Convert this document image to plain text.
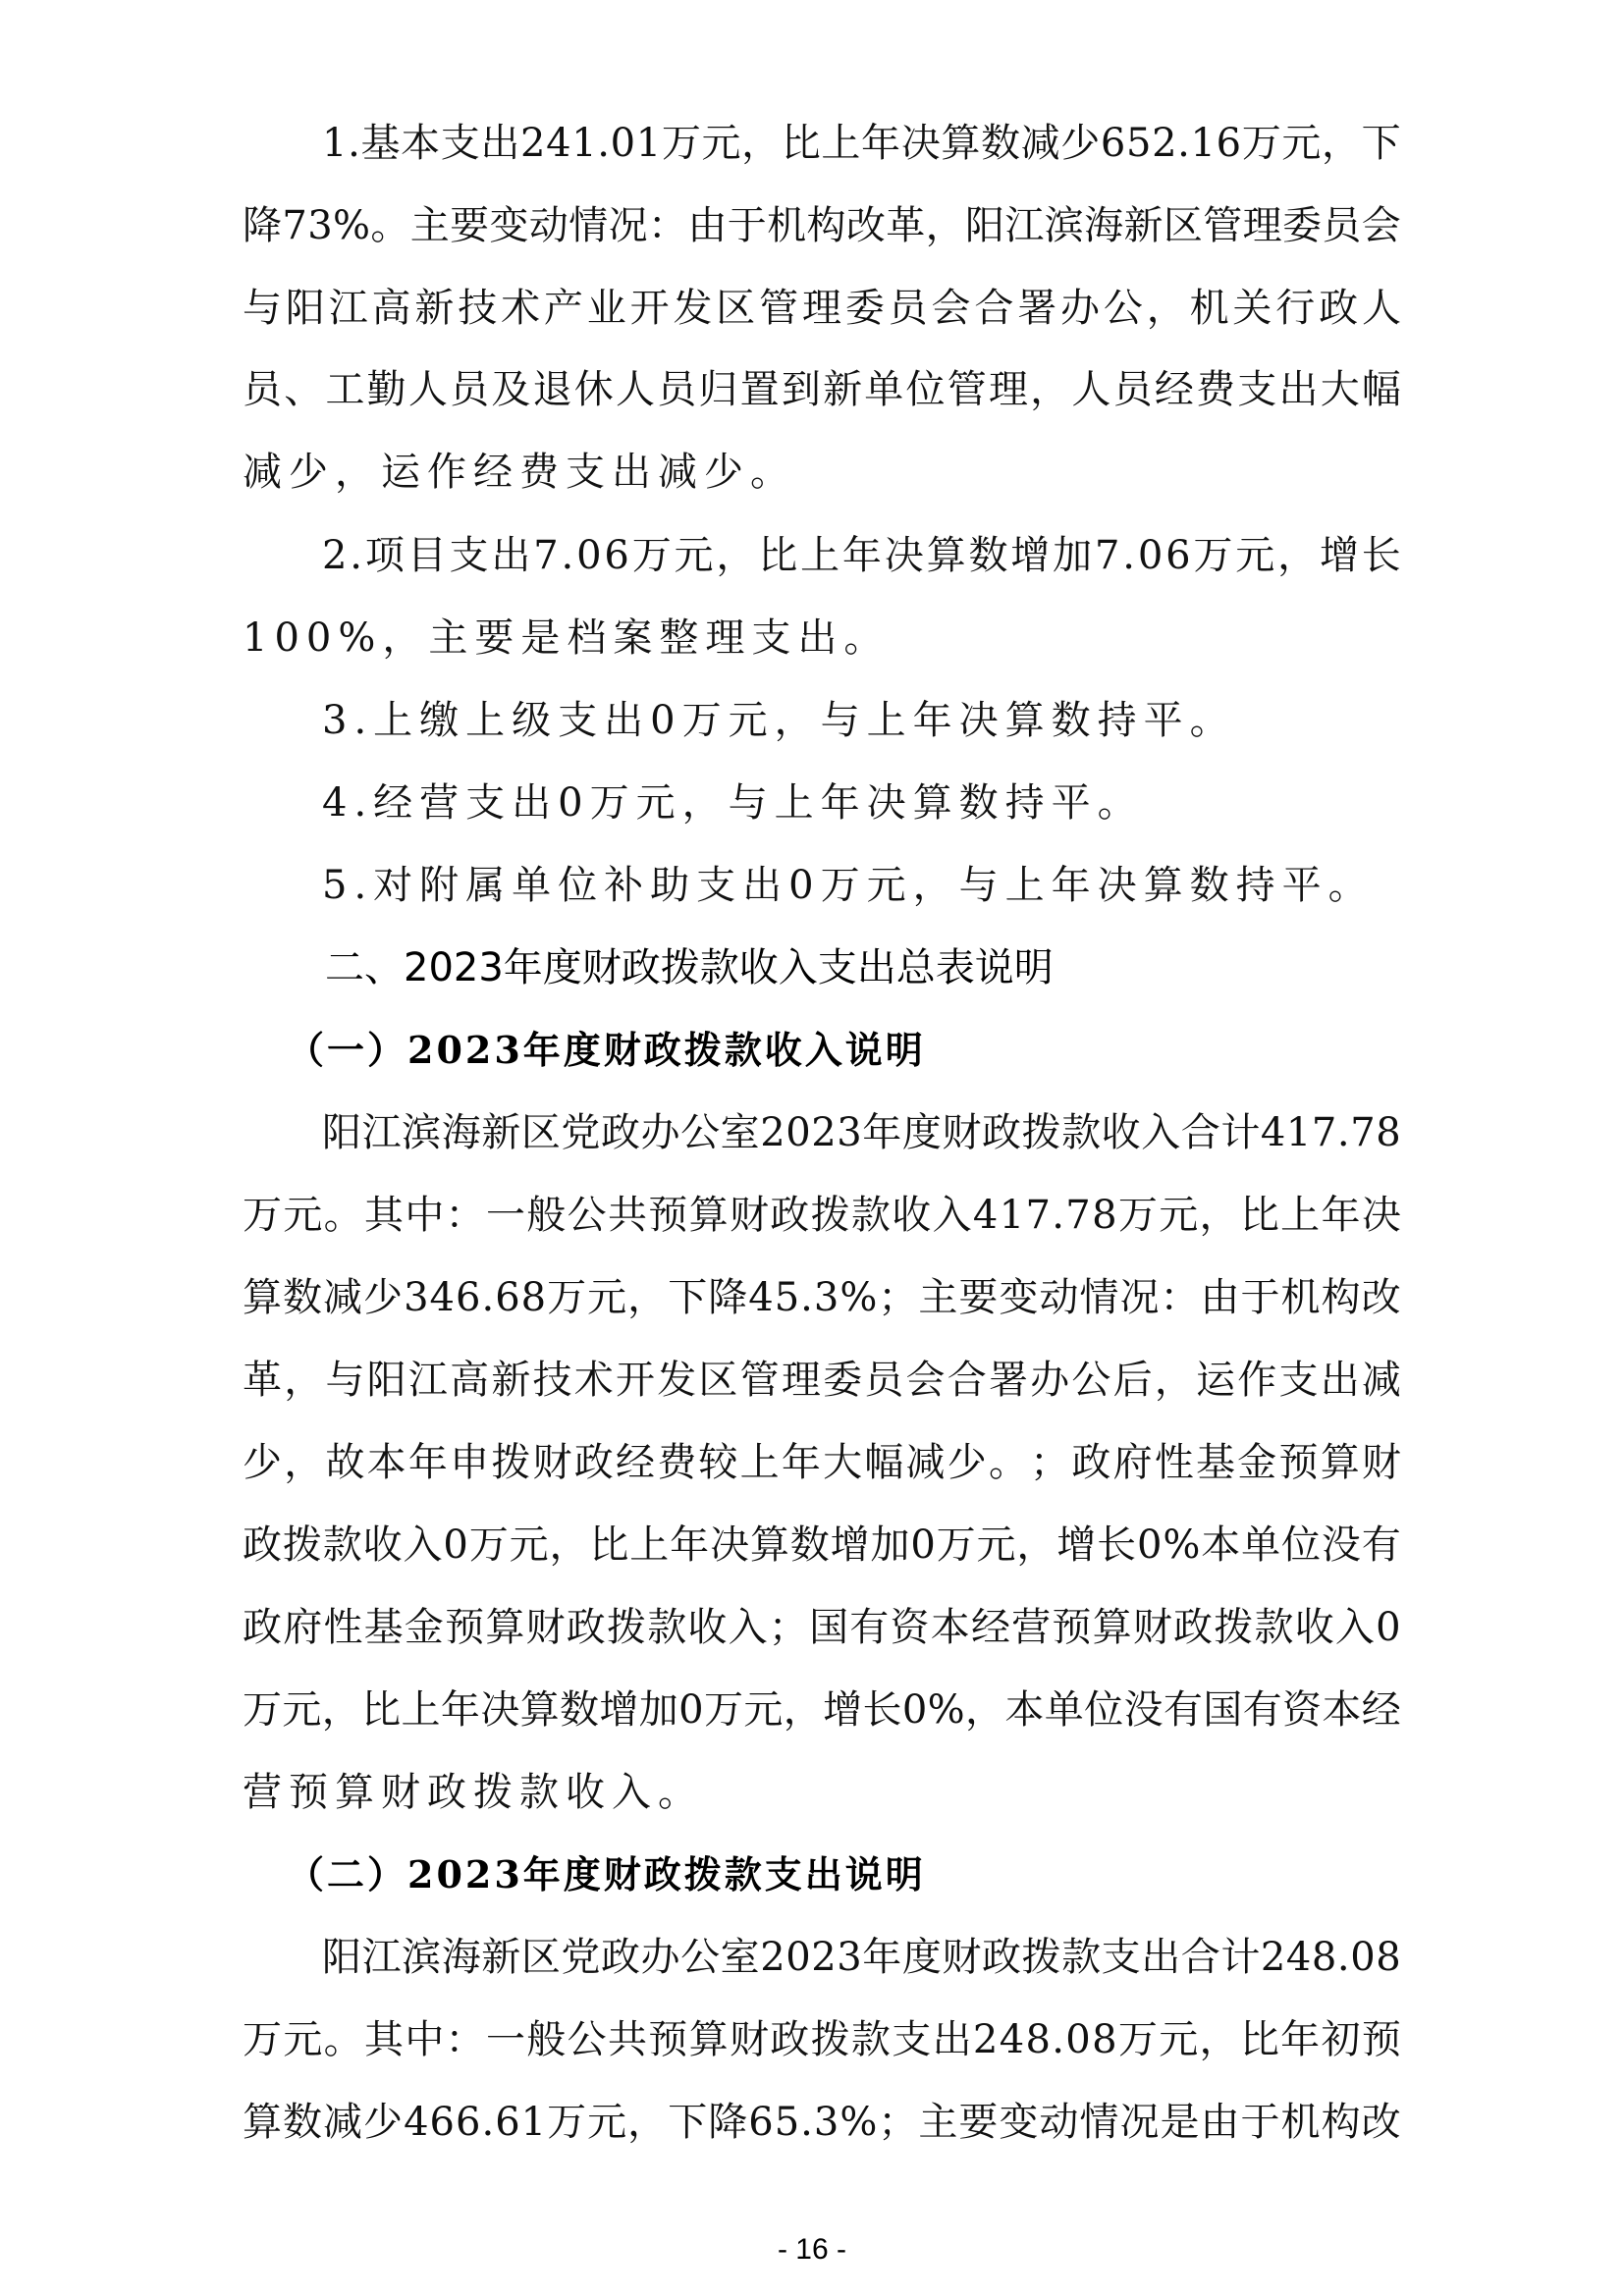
1 . 基 本 支 出 2 4 1 . 0 1 万 元 ， 比 上 年 决 算 数 减 少 6 5 2 . 1 6 万 元 ， 下
降 7 3 % 。 主 要 变 动 情 况 ： 由 于 机 构 改 革 ， 阳 江 滨 海 新 区 管 理 委 员 会
与 阳 江 高 新 技 术 产 业 开 发 区 管 理 委 员 会 合 署 办 公 ， 机 关 行 政 人
员 、 工 勤 人 员 及 退 休 人 员 归 置 到 新 单 位 管 理 ， 人 员 经 费 支 出 大 幅
减少，运作经费支出减少。
2 . 项 目 支 出 7 . 0 6 万 元 ， 比 上 年 决 算 数 增 加 7 . 0 6 万 元 ， 增 长
100%，主要是档案整理支出。
3.上缴上级支出0万元，与上年决算数持平。
4.经营支出0万元，与上年决算数持平。
5.对附属单位补助支出0万元，与上年决算数持平。
二、2023年度财政拨款收入支出总表说明
（一）2023年度财政拨款收入说明
阳 江 滨 海 新 区 党 政 办 公 室 2 0 2 3 年 度 财 政 拨 款 收 入 合 计 4 1 7 . 7 8
万 元 。 其 中 ： 一 般 公 共 预 算 财 政 拨 款 收 入 4 1 7 . 7 8 万 元 ， 比 上 年 决
算 数 减 少 3 4 6 . 6 8 万 元 ， 下 降 4 5 . 3 % ； 主 要 变 动 情 况 ： 由 于 机 构 改
革 ， 与 阳 江 高 新 技 术 开 发 区 管 理 委 员 会 合 署 办 公 后 ， 运 作 支 出 减
少 ， 故 本 年 申 拨 财 政 经 费 较 上 年 大 幅 减 少 。 ； 政 府 性 基 金 预 算 财
政 拨 款 收 入 0 万 元 ， 比 上 年 决 算 数 增 加 0 万 元 ， 增 长 0 % 本 单 位 没 有
政 府 性 基 金 预 算 财 政 拨 款 收 入 ； 国 有 资 本 经 营 预 算 财 政 拨 款 收 入 0
万 元 ， 比 上 年 决 算 数 增 加 0 万 元 ， 增 长 0 % ， 本 单 位 没 有 国 有 资 本 经
营预算财政拨款收入。
（二）2023年度财政拨款支出说明
阳 江 滨 海 新 区 党 政 办 公 室 2 0 2 3 年 度 财 政 拨 款 支 出 合 计 2 4 8 . 0 8
万 元 。 其 中 ： 一 般 公 共 预 算 财 政 拨 款 支 出 2 4 8 . 0 8 万 元 ， 比 年 初 预
算 数 减 少 4 6 6 . 6 1 万 元 ， 下 降 6 5 . 3 % ； 主 要 变 动 情 况 是 由 于 机 构 改
- 16 -
